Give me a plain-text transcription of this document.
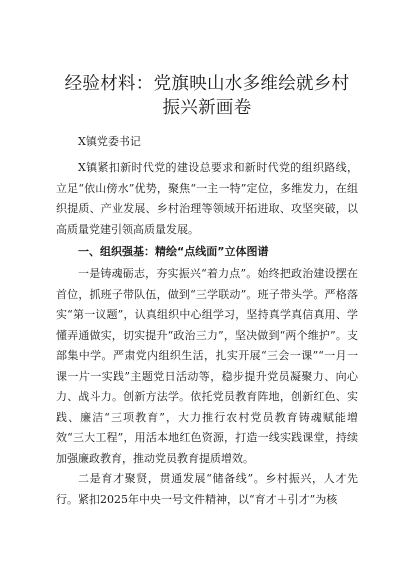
经验材料：党旗映山水多维绘就乡村振兴新画卷
X镇党委书记

X镇紧扣新时代党的建设总要求和新时代党的组织路线，立足“依山傍水”优势，聚焦“一主一特”定位，多维发力，在组织提质、产业发展、乡村治理等领域开拓进取、攻坚突破，以高质量党建引领高质量发展。

一、组织强基：精绘“点线面”立体图谱

一是铸魂砺志，夯实振兴“着力点”。始终把政治建设摆在首位，抓班子带队伍，做到“三学联动”。班子带头学。严格落实“第一议题”，认真组织中心组学习，坚持真学真信真用、学懂弄通做实，切实提升“政治三力”，坚决做到“两个维护”。支部集中学。严肃党内组织生活，扎实开展“三会一课”“一月一课一片一实践”主题党日活动等，稳步提升党员凝聚力、向心力、战斗力。创新方法学。依托党员教育阵地，创新红色、实践、廉洁“三项教育”，大力推行农村党员教育铸魂赋能增效“三大工程”，用活本地红色资源，打造一线实践课堂，持续加强廉政教育，推动党员教育提质增效。

二是育才聚贤，贯通发展“储备线”。乡村振兴，人才先行。紧扣2025年中央一号文件精神，以“育才＋引才”为核
